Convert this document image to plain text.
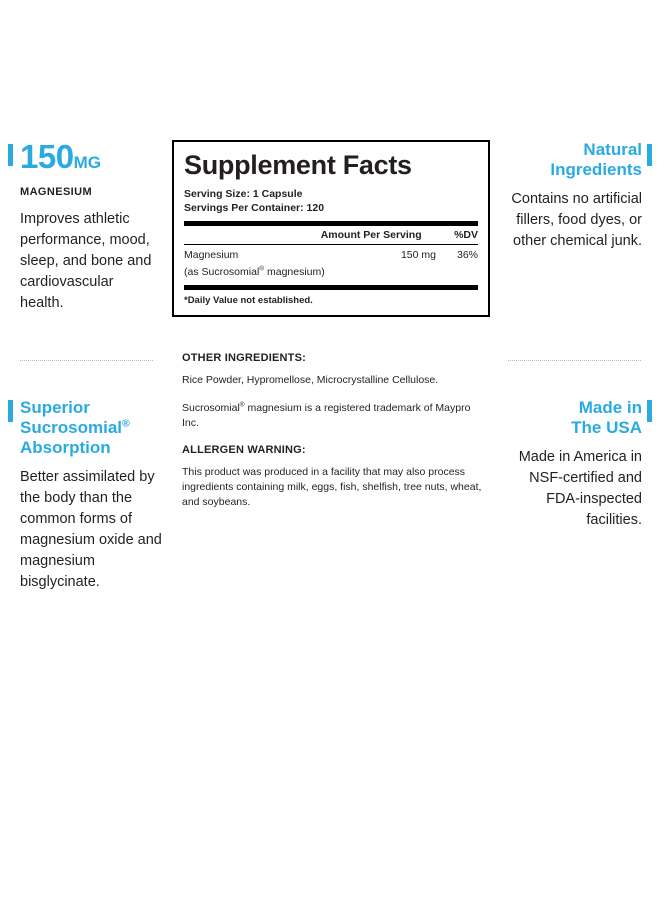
150MG

MAGNESIUM

Improves athletic performance, mood, sleep, and bone and cardiovascular health.

Superior
Sucrosomial®
Absorption

Better assimilated by the body than the common forms of magnesium oxide and magnesium bisglycinate.

Natural
Ingredients

Contains no artificial fillers, food dyes, or other chemical junk.

Made in
The USA

Made in America in NSF-certified and FDA-inspected facilities.

Supplement Facts

Serving Size: 1 Capsule

Servings Per Container: 120

	Amount Per Serving	%DV
Magnesium	150 mg	36%
(as Sucrosomial® magnesium)

*Daily Value not established.

OTHER INGREDIENTS:

Rice Powder, Hypromellose, Microcrystalline Cellulose.

Sucrosomial® magnesium is a registered trademark of Maypro Inc.

ALLERGEN WARNING:

This product was produced in a facility that may also process ingredients containing milk, eggs, fish, shelfish, tree nuts, wheat, and soybeans.
